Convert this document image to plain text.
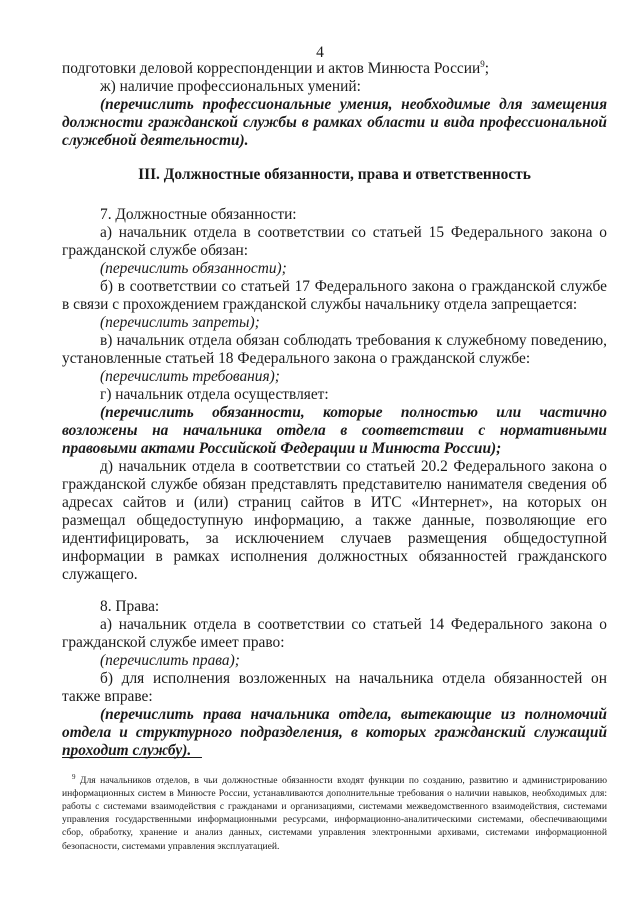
4

подготовки деловой корреспонденции и актов Минюста России$^9$;

ж) наличие профессиональных умений:

(перечислить профессиональные умения, необходимые для замещения должности гражданской службы в рамках области и вида профессиональной служебной деятельности).

III. Должностные обязанности, права и ответственность

7. Должностные обязанности:

а) начальник отдела в соответствии со статьей 15 Федерального закона о гражданской службе обязан:

(перечислить обязанности);

б) в соответствии со статьей 17 Федерального закона о гражданской службе в связи с прохождением гражданской службы начальнику отдела запрещается:

(перечислить запреты);

в) начальник отдела обязан соблюдать требования к служебному поведению, установленные статьей 18 Федерального закона о гражданской службе:

(перечислить требования);

г) начальник отдела осуществляет:

(перечислить обязанности, которые полностью или частично возложены на начальника отдела в соответствии с нормативными правовыми актами Российской Федерации и Минюста России);

д) начальник отдела в соответствии со статьей 20.2 Федерального закона о гражданской службе обязан представлять представителю нанимателя сведения об адресах сайтов и (или) страниц сайтов в ИТС «Интернет», на которых он размещал общедоступную информацию, а также данные, позволяющие его идентифицировать, за исключением случаев размещения общедоступной информации в рамках исполнения должностных обязанностей гражданского служащего.

8. Права:

а) начальник отдела в соответствии со статьей 14 Федерального закона о гражданской службе имеет право:

(перечислить права);

б) для исполнения возложенных на начальника отдела обязанностей он также вправе:

(перечислить права начальника отдела, вытекающие из полномочий отдела и структурного подразделения, в которых гражданский служащий проходит службу).

$^9$ Для начальников отделов, в чьи должностные обязанности входят функции по созданию, развитию и администрированию информационных систем в Минюсте России, устанавливаются дополнительные требования о наличии навыков, необходимых для: работы с системами взаимодействия с гражданами и организациями, системами межведомственного взаимодействия, системами управления государственными информационными ресурсами, информационно-аналитическими системами, обеспечивающими сбор, обработку, хранение и анализ данных, системами управления электронными архивами, системами информационной безопасности, системами управления эксплуатацией.
